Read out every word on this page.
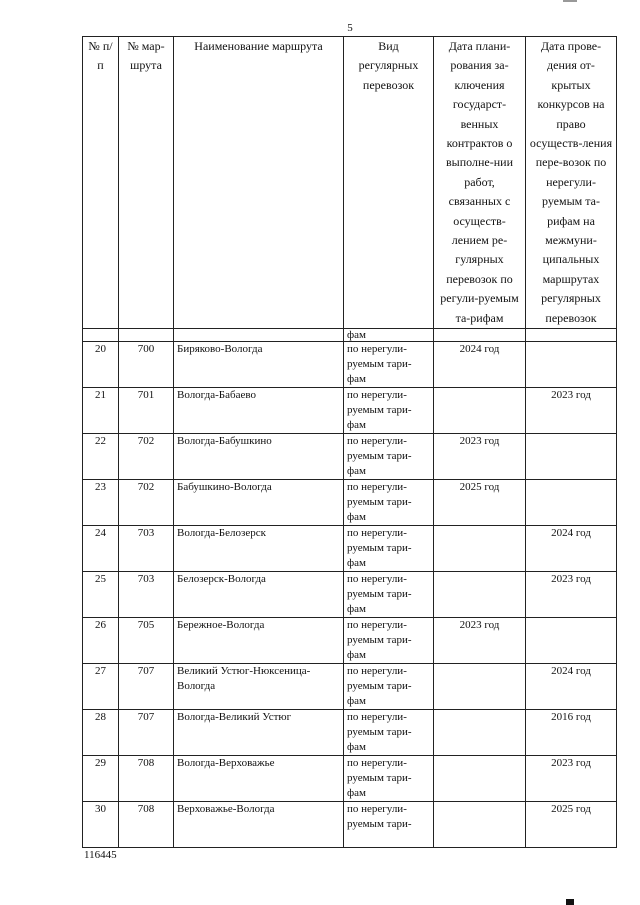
5
№ п/п	№ мар-шрута	Наименование маршрута	Вид регулярных перевозок	Дата плани-рования за-ключения государст-венных контрактов о выполне-нии работ, связанных с осуществ-лением ре-гулярных перевозок по регули-руемым та-рифам	Дата прове-дения от-крытых конкурсов на право осуществ-ления пере-возок по нерегули-руемым та-рифам на межмуни-ципальных маршрутах регулярных перевозок
			фам		
20	700	Биряково-Вологда	по нерегули-руемым тари-фам	2024 год	
21	701	Вологда-Бабаево	по нерегули-руемым тари-фам		2023 год
22	702	Вологда-Бабушкино	по нерегули-руемым тари-фам	2023 год	
23	702	Бабушкино-Вологда	по нерегули-руемым тари-фам	2025 год	
24	703	Вологда-Белозерск	по нерегули-руемым тари-фам		2024 год
25	703	Белозерск-Вологда	по нерегули-руемым тари-фам		2023 год
26	705	Бережное-Вологда	по нерегули-руемым тари-фам	2023 год	
27	707	Великий Устюг-Нюксеница-Вологда	по нерегули-руемым тари-фам		2024 год
28	707	Вологда-Великий Устюг	по нерегули-руемым тари-фам		2016 год
29	708	Вологда-Верховажье	по нерегули-руемым тари-фам		2023 год
30	708	Верховажье-Вологда	по нерегули-руемым тари-		2025 год
116445
